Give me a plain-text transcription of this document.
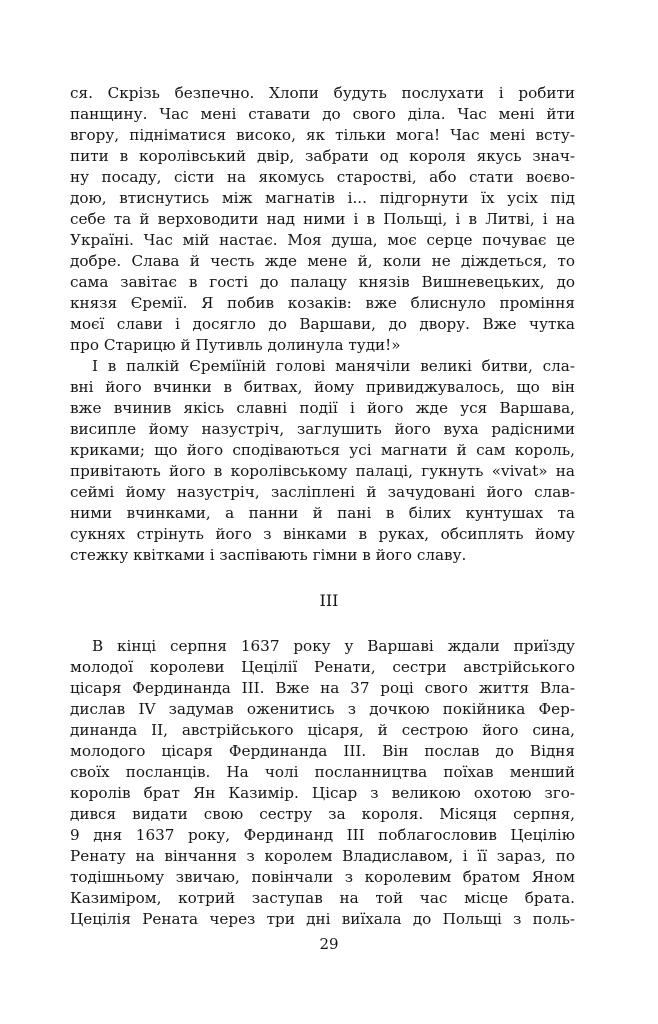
ся. Скрізь безпечно. Хлопи будуть послухати і робити
панщину. Час мені ставати до свого діла. Час мені йти
вгору, підніматися високо, як тільки мога! Час мені всту-
пити в королівський двір, забрати од короля якусь знач-
ну посаду, сісти на якомусь старостві, або стати воєво-
дою, втиснутись між магнатів і... підгорнути їх усіх під
себе та й верховодити над ними і в Польщі, і в Литві, і на
Україні. Час мій настає. Моя душа, моє серце почуває це
добре. Слава й честь жде мене й, коли не діждеться, то
сама завітає в гості до палацу князів Вишневецьких, до
князя Єремії. Я побив козаків: вже блиснуло проміння
моєї слави і досягло до Варшави, до двору. Вже чутка
про Старицю й Путивль долинула туди!»
І в палкій Єреміїній голові манячіли великі битви, сла-
вні його вчинки в битвах, йому привиджувалось, що він
вже вчинив якісь славні події і його жде уся Варшава,
висипле йому назустріч, заглушить його вуха радісними
криками; що його сподіваються усі магнати й сам король,
привітають його в королівському палаці, гукнуть «vivat» на
сеймі йому назустріч, засліплені й зачудовані його слав-
ними вчинками, а панни й пані в білих кунтушах та
сукнях стрінуть його з вінками в руках, обсиплять йому
стежку квітками і заспівають гімни в його славу.
III
В кінці серпня 1637 року у Варшаві ждали приїзду
молодої королеви Цецілії Ренати, сестри австрійського
цісаря Фердинанда III. Вже на 37 році свого життя Вла-
дислав IV задумав оженитись з дочкою покійника Фер-
динанда II, австрійського цісаря, й сестрою його сина,
молодого цісаря Фердинанда III. Він послав до Відня
своїх посланців. На чолі посланництва поїхав менший
королів брат Ян Казимір. Цісар з великою охотою зго-
дився видати свою сестру за короля. Місяця серпня,
9 дня 1637 року, Фердинанд III поблагословив Цецілію
Ренату на вінчання з королем Владиславом, і її зараз, по
тодішньому звичаю, повінчали з королевим братом Яном
Казиміром, котрий заступав на той час місце брата.
Цецілія Рената через три дні виїхала до Польщі з поль-
29
